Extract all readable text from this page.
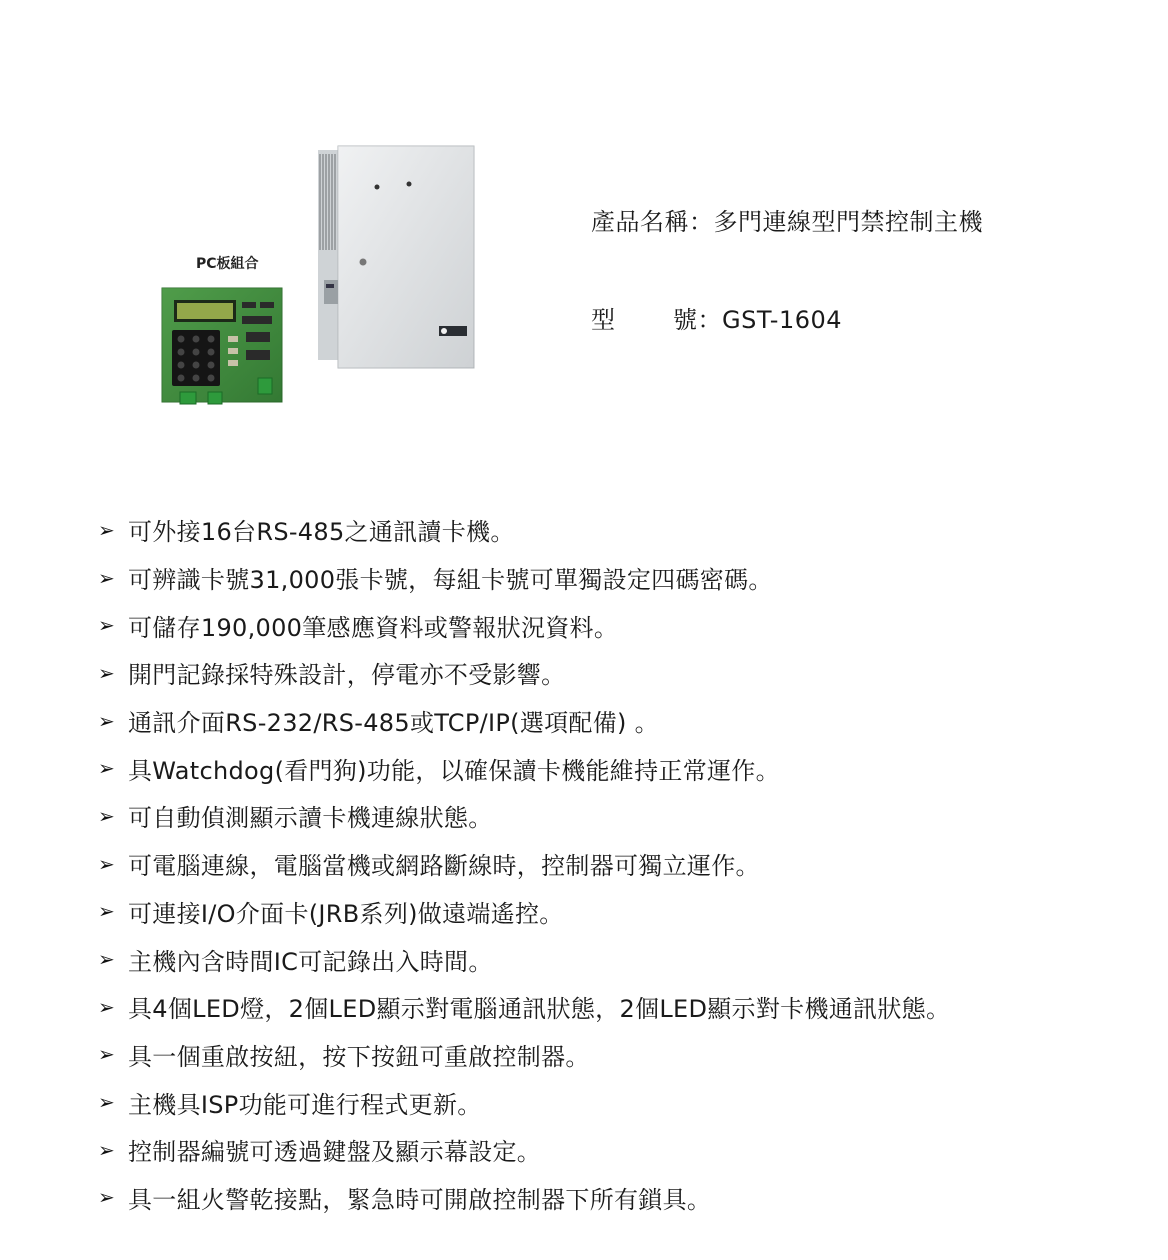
PC板組合
產品名稱：多門連線型門禁控制主機
型 號：GST-1604
➢ 可外接16台RS-485之通訊讀卡機。
➢ 可辨識卡號31,000張卡號，每組卡號可單獨設定四碼密碼。
➢ 可儲存190,000筆感應資料或警報狀況資料。
➢ 開門記錄採特殊設計，停電亦不受影響。
➢ 通訊介面RS-232/RS-485或TCP/IP(選項配備) 。
➢ 具Watchdog(看門狗)功能，以確保讀卡機能維持正常運作。
➢ 可自動偵測顯示讀卡機連線狀態。
➢ 可電腦連線，電腦當機或網路斷線時，控制器可獨立運作。
➢ 可連接I/O介面卡(JRB系列)做遠端遙控。
➢ 主機內含時間IC可記錄出入時間。
➢ 具4個LED燈，2個LED顯示對電腦通訊狀態，2個LED顯示對卡機通訊狀態。
➢ 具一個重啟按紐，按下按鈕可重啟控制器。
➢ 主機具ISP功能可進行程式更新。
➢ 控制器編號可透過鍵盤及顯示幕設定。
➢ 具一組火警乾接點，緊急時可開啟控制器下所有鎖具。
